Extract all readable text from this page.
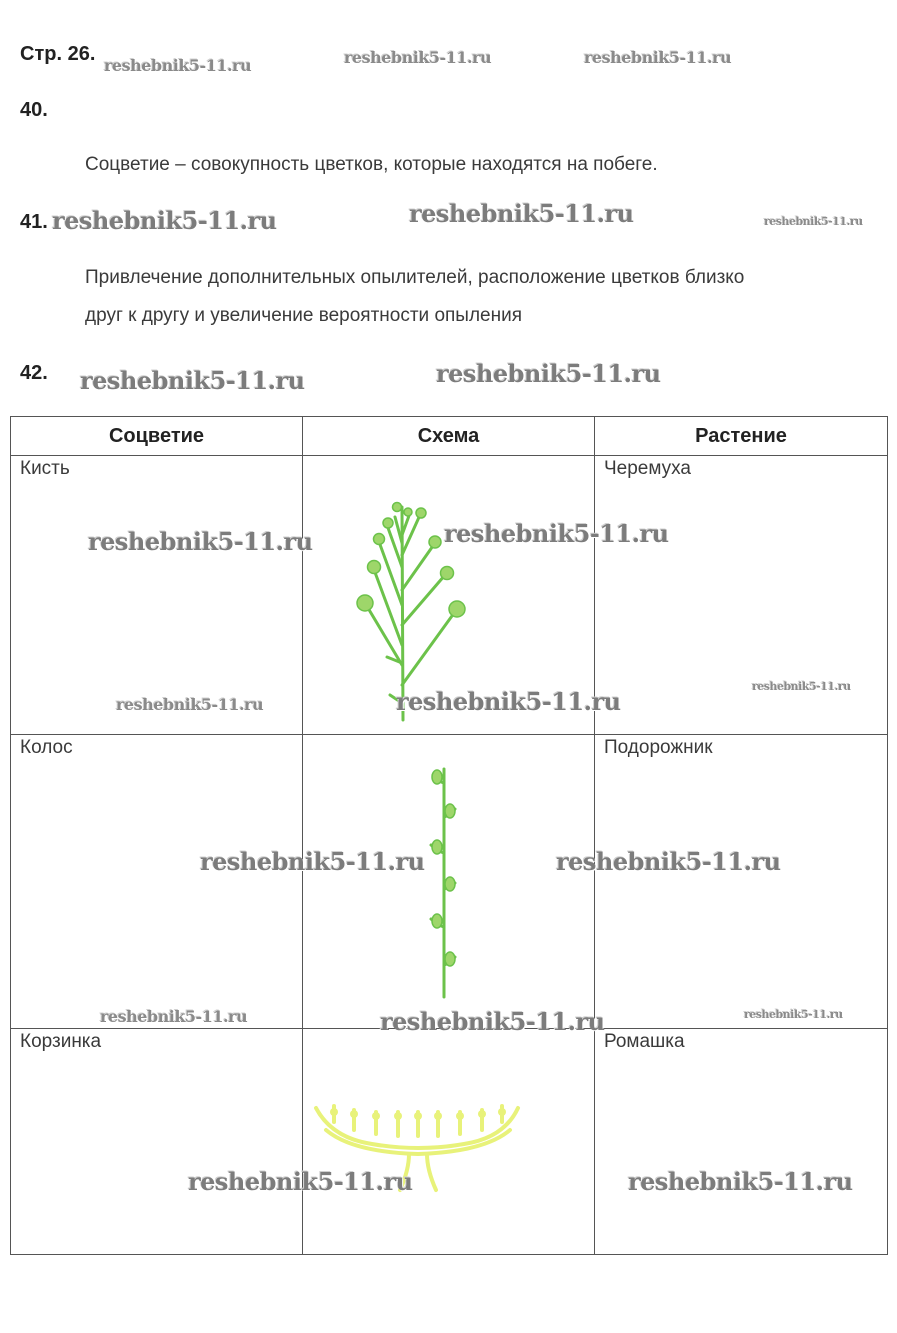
Стр. 26.
40.
Соцветие – совокупность цветков, которые находятся на побеге.
41.
Привлечение дополнительных опылителей, расположение цветков близко
друг к другу и увеличение вероятности опыления
42.
Соцветие	Схема	Растение

Кисть		Черемуха

Колос		Подорожник

Корзинка		Ромашка
reshebnik5-11.ru	reshebnik5-11.ru	reshebnik5-11.ru
reshebnik5-11.ru	reshebnik5-11.ru	reshebnik5-11.ru
reshebnik5-11.ru	reshebnik5-11.ru
reshebnik5-11.ru	reshebnik5-11.ru
reshebnik5-11.ru	reshebnik5-11.ru
reshebnik5-11.ru
reshebnik5-11.ru	reshebnik5-11.ru
reshebnik5-11.ru	reshebnik5-11.ru	reshebnik5-11.ru
reshebnik5-11.ru	reshebnik5-11.ru
